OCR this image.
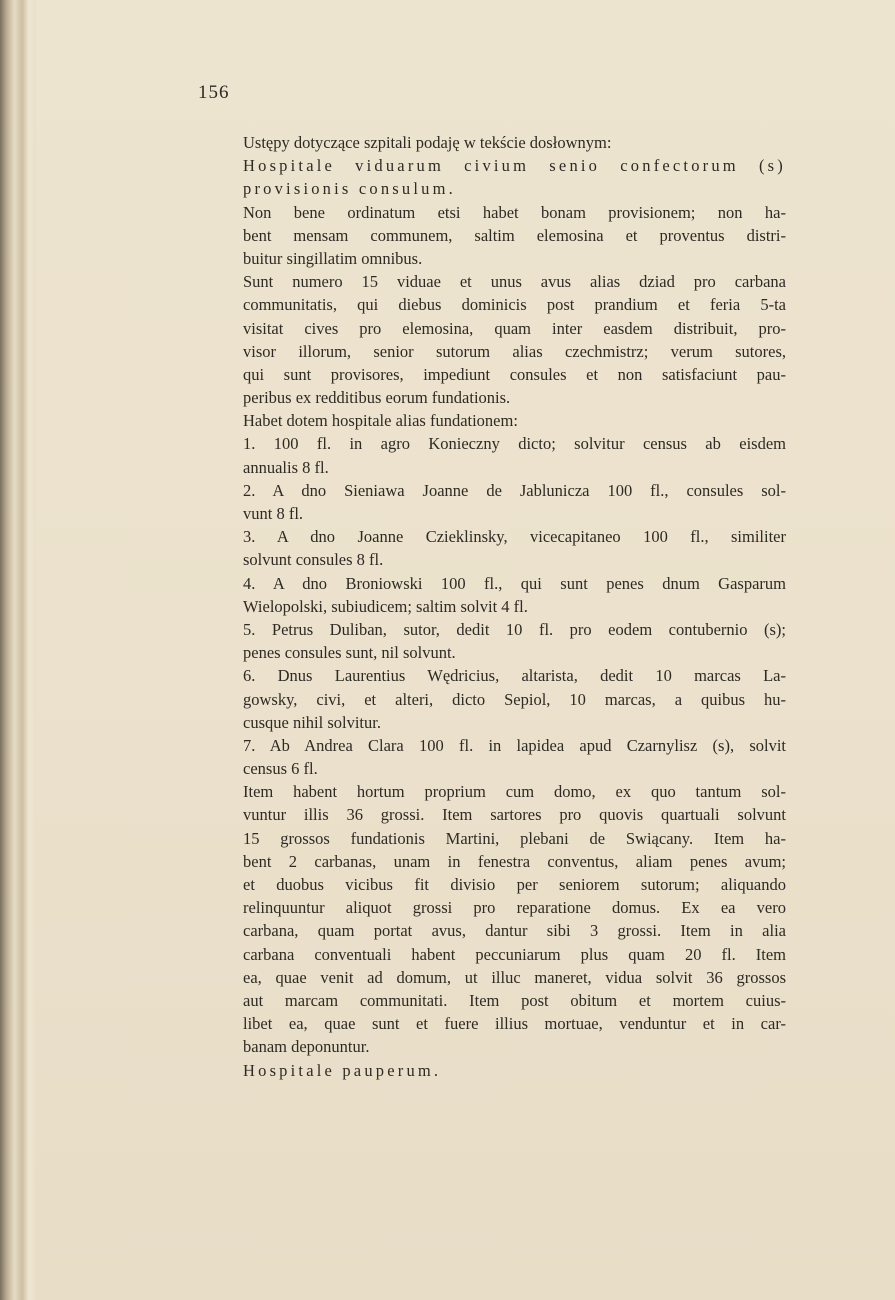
156
Ustępy dotyczące szpitali podaję w tekście dosłownym:
Hospitale viduarum civium senio confectorum (s)
provisionis consulum.
Non bene ordinatum etsi habet bonam provisionem; non ha-
bent mensam communem, saltim elemosina et proventus distri-
buitur singillatim omnibus.
Sunt numero 15 viduae et unus avus alias dziad pro carbana
communitatis, qui diebus dominicis post prandium et feria 5-ta
visitat cives pro elemosina, quam inter easdem distribuit, pro-
visor illorum, senior sutorum alias czechmistrz; verum sutores,
qui sunt provisores, impediunt consules et non satisfaciunt pau-
peribus ex redditibus eorum fundationis.
Habet dotem hospitale alias fundationem:
1. 100 fl. in agro Konieczny dicto; solvitur census ab eisdem
annualis 8 fl.
2. A dno Sieniawa Joanne de Jablunicza 100 fl., consules sol-
vunt 8 fl.
3. A dno Joanne Czieklinsky, vicecapitaneo 100 fl., similiter
solvunt consules 8 fl.
4. A dno Broniowski 100 fl., qui sunt penes dnum Gasparum
Wielopolski, subiudicem; saltim solvit 4 fl.
5. Petrus Duliban, sutor, dedit 10 fl. pro eodem contubernio (s);
penes consules sunt, nil solvunt.
6. Dnus Laurentius Wędricius, altarista, dedit 10 marcas La-
gowsky, civi, et alteri, dicto Sepiol, 10 marcas, a quibus hu-
cusque nihil solvitur.
7. Ab Andrea Clara 100 fl. in lapidea apud Czarnylisz (s), solvit
census 6 fl.
Item habent hortum proprium cum domo, ex quo tantum sol-
vuntur illis 36 grossi. Item sartores pro quovis quartuali solvunt
15 grossos fundationis Martini, plebani de Swiącany. Item ha-
bent 2 carbanas, unam in fenestra conventus, aliam penes avum;
et duobus vicibus fit divisio per seniorem sutorum; aliquando
relinquuntur aliquot grossi pro reparatione domus. Ex ea vero
carbana, quam portat avus, dantur sibi 3 grossi. Item in alia
carbana conventuali habent peccuniarum plus quam 20 fl. Item
ea, quae venit ad domum, ut illuc maneret, vidua solvit 36 grossos
aut marcam communitati. Item post obitum et mortem cuius-
libet ea, quae sunt et fuere illius mortuae, venduntur et in car-
banam deponuntur.
Hospitale pauperum.
